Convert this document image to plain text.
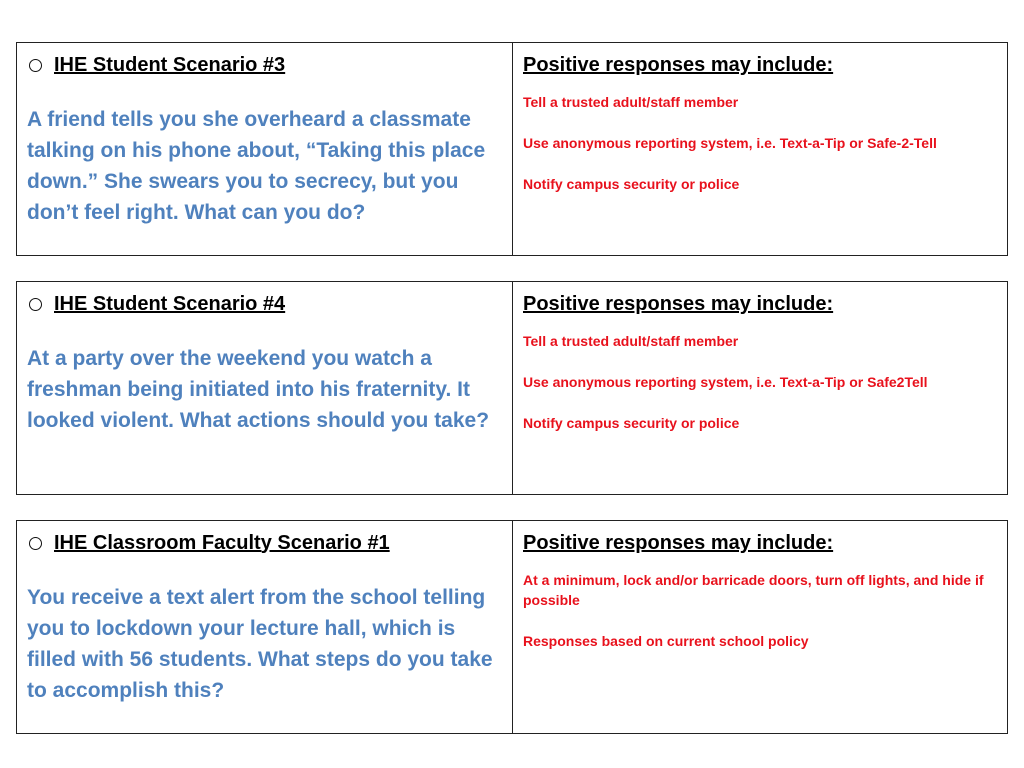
IHE Student Scenario #3
A friend tells you she overheard a classmate talking on his phone about, “Taking this place down.” She swears you to secrecy, but you don’t feel right. What can you do?
Positive responses may include:
Tell a trusted adult/staff member
Use anonymous reporting system, i.e. Text-a-Tip or Safe-2-Tell
Notify campus security or police
IHE Student Scenario #4
At a party over the weekend you watch a freshman being initiated into his fraternity. It looked violent. What actions should you take?
Positive responses may include:
Tell a trusted adult/staff member
Use anonymous reporting system, i.e. Text-a-Tip or Safe2Tell
Notify campus security or police
IHE Classroom Faculty Scenario #1
You receive a text alert from the school telling you to lockdown your lecture hall, which is filled with 56 students. What steps do you take to accomplish this?
Positive responses may include:
At a minimum, lock and/or barricade doors, turn off lights, and hide if possible
Responses based on current school policy
